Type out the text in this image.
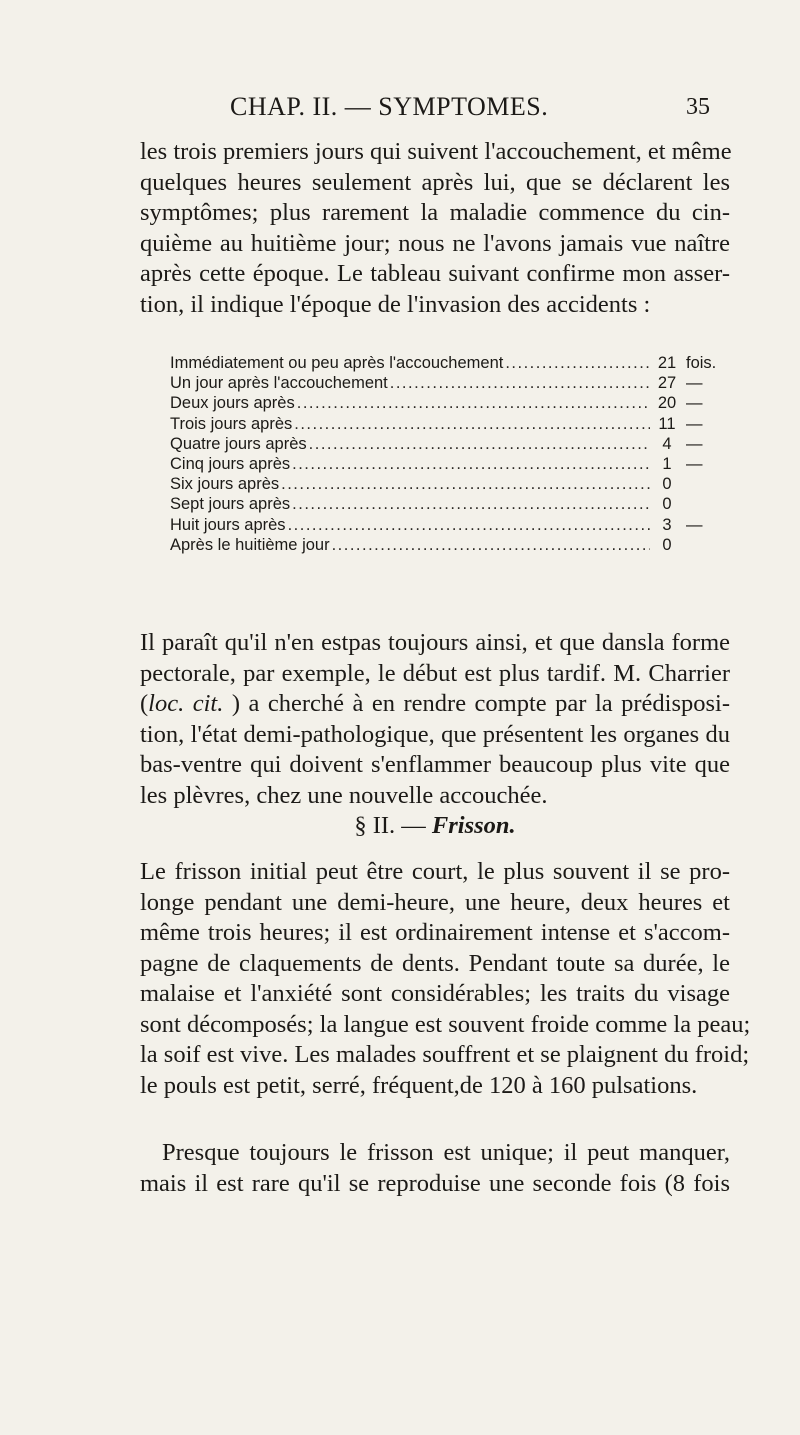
CHAP. II. — SYMPTOMES.	35

les trois premiers jours qui suivent l'accouchement, et même
quelques heures seulement après lui, que se déclarent les
symptômes; plus rarement la maladie commence du cin-
quième au huitième jour; nous ne l'avons jamais vue naître
après cette époque. Le tableau suivant confirme mon asser-
tion, il indique l'époque de l'invasion des accidents :

Immédiatement ou peu après l'accouchement .....	21 fois.
Un jour après l'accouchement .....	27 —
Deux jours après .....	20 —
Trois jours après .....	11 —
Quatre jours après .....	4 —
Cinq jours après .....	1 —
Six jours après .....	0
Sept jours après .....	0
Huit jours après .....	3 —
Après le huitième jour .....	0

Il paraît qu'il n'en estpas toujours ainsi, et que dansla forme
pectorale, par exemple, le début est plus tardif. M. Charrier
(loc. cit. ) a cherché à en rendre compte par la prédisposi-
tion, l'état demi-pathologique, que présentent les organes du
bas-ventre qui doivent s'enflammer beaucoup plus vite que
les plèvres, chez une nouvelle accouchée.

§ II. — Frisson.

Le frisson initial peut être court, le plus souvent il se pro-
longe pendant une demi-heure, une heure, deux heures et
même trois heures; il est ordinairement intense et s'accom-
pagne de claquements de dents. Pendant toute sa durée, le
malaise et l'anxiété sont considérables; les traits du visage
sont décomposés; la langue est souvent froide comme la peau;
la soif est vive. Les malades souffrent et se plaignent du froid;
le pouls est petit, serré, fréquent,de 120 à 160 pulsations.

Presque toujours le frisson est unique; il peut manquer,
mais il est rare qu'il se reproduise une seconde fois (8 fois
